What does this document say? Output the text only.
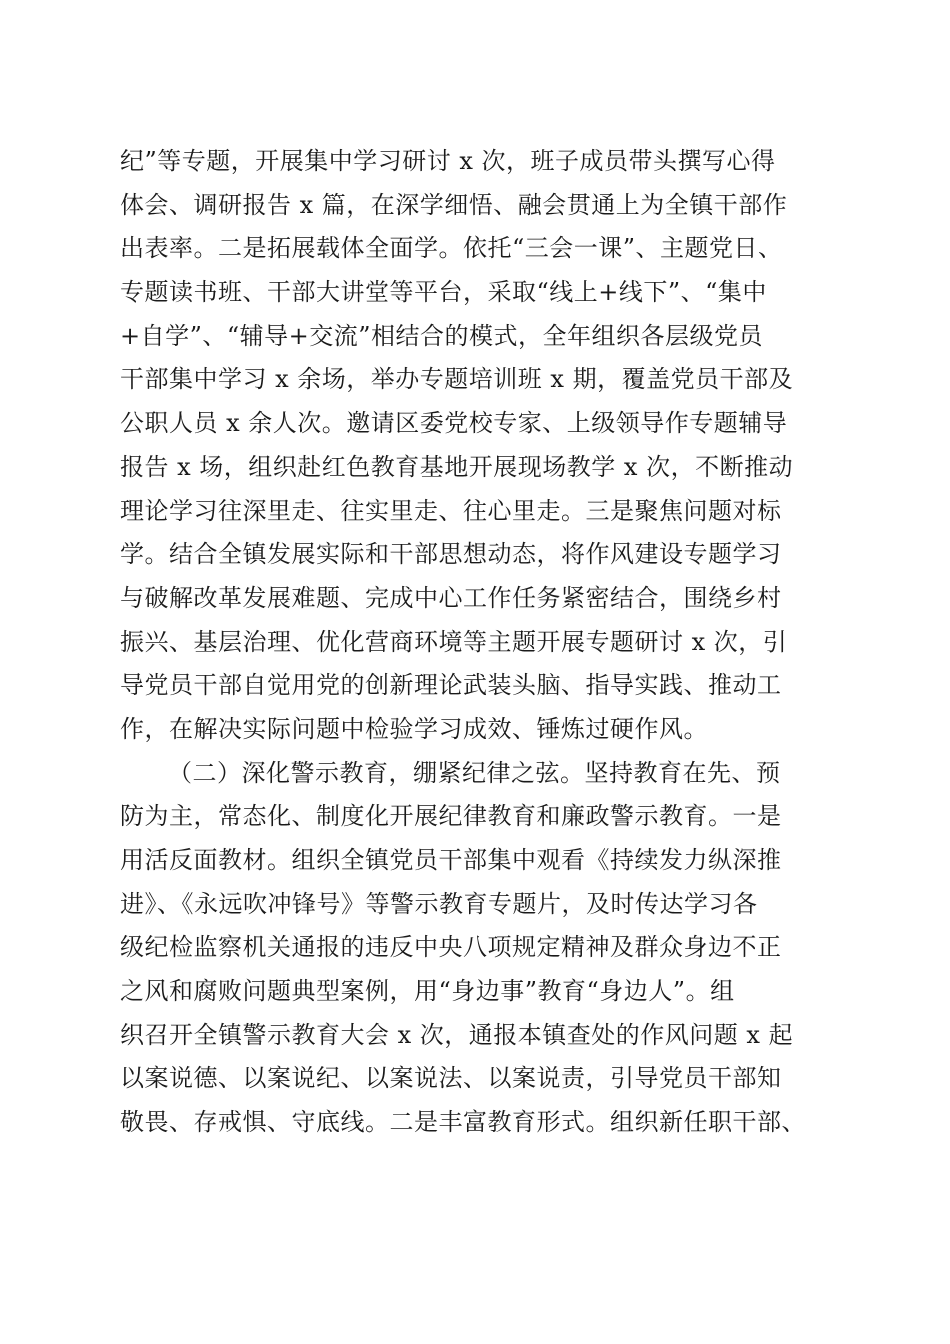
纪”等专题，开展集中学习研讨 x 次，班子成员带头撰写心得
体会、调研报告 x 篇，在深学细悟、融会贯通上为全镇干部作
出表率。二是拓展载体全面学。依托“三会一课”、主题党日、
专题读书班、干部大讲堂等平台，采取“线上+线下”、“集中
+自学”、“辅导+交流”相结合的模式，全年组织各层级党员
干部集中学习 x 余场，举办专题培训班 x 期，覆盖党员干部及
公职人员 x 余人次。邀请区委党校专家、上级领导作专题辅导
报告 x 场，组织赴红色教育基地开展现场教学 x 次，不断推动
理论学习往深里走、往实里走、往心里走。三是聚焦问题对标
学。结合全镇发展实际和干部思想动态，将作风建设专题学习
与破解改革发展难题、完成中心工作任务紧密结合，围绕乡村
振兴、基层治理、优化营商环境等主题开展专题研讨 x 次，引
导党员干部自觉用党的创新理论武装头脑、指导实践、推动工
作，在解决实际问题中检验学习成效、锤炼过硬作风。
（二）深化警示教育，绷紧纪律之弦。坚持教育在先、预
防为主，常态化、制度化开展纪律教育和廉政警示教育。一是
用活反面教材。组织全镇党员干部集中观看《持续发力纵深推
进》、《永远吹冲锋号》等警示教育专题片，及时传达学习各
级纪检监察机关通报的违反中央八项规定精神及群众身边不正
之风和腐败问题典型案例，用“身边事”教育“身边人”。组
织召开全镇警示教育大会 x 次，通报本镇查处的作风问题 x 起
以案说德、以案说纪、以案说法、以案说责，引导党员干部知
敬畏、存戒惧、守底线。二是丰富教育形式。组织新任职干部、
